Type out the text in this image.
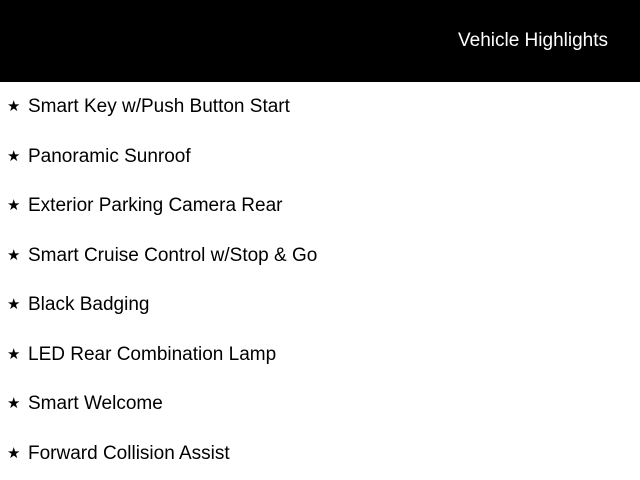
Vehicle Highlights
★ Smart Key w/Push Button Start
★ Panoramic Sunroof
★ Exterior Parking Camera Rear
★ Smart Cruise Control w/Stop & Go
★ Black Badging
★ LED Rear Combination Lamp
★ Smart Welcome
★ Forward Collision Assist
